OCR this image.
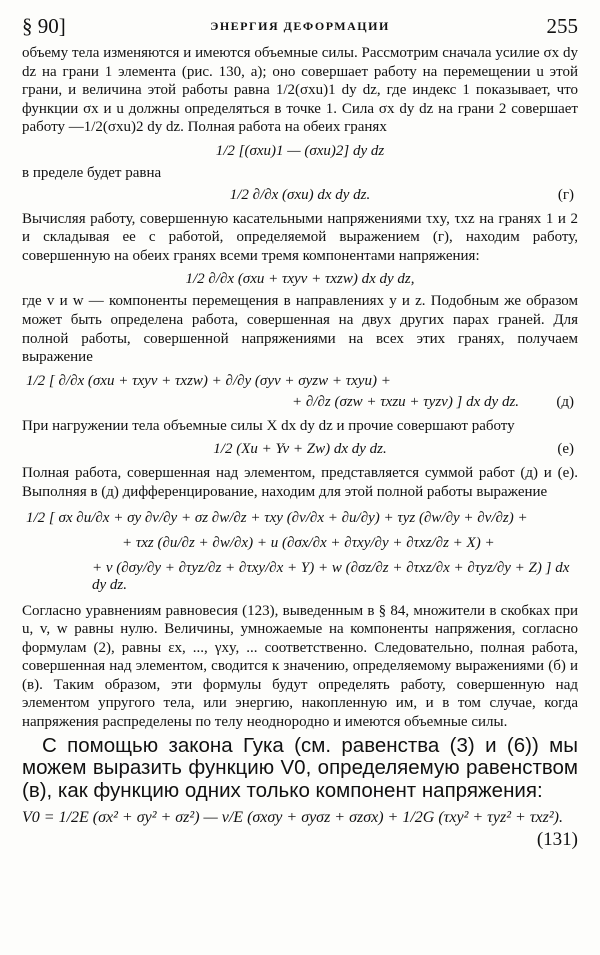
§ 90]	ЭНЕРГИЯ ДЕФОРМАЦИИ	255

объему тела изменяются и имеются объемные силы. Рассмотрим сначала усилие σx dy dz на грани 1 элемента (рис. 130, a); оно совершает работу на перемещении u этой грани, и величина этой работы равна 1/2(σxu)1 dy dz, где индекс 1 показывает, что функции σx и u должны определяться в точке 1. Сила σx dy dz на грани 2 совершает работу —1/2(σxu)2 dy dz. Полная работа на обеих гранях

1/2 [(σxu)1 — (σxu)2] dy dz

в пределе будет равна

1/2 ∂/∂x (σxu) dx dy dz.	(г)

Вычисляя работу, совершенную касательными напряжениями τxy, τxz на гранях 1 и 2 и складывая ее с работой, определяемой выражением (г), находим работу, совершенную на обеих гранях всеми тремя компонентами напряжения:

1/2 ∂/∂x (σxu + τxyv + τxzw) dx dy dz,

где v и w — компоненты перемещения в направлениях y и z. Подобным же образом может быть определена работа, совершенная на двух других парах граней. Для полной работы, совершенной напряжениями на всех этих гранях, получаем выражение

1/2 [ ∂/∂x (σxu + τxyv + τxzw) + ∂/∂y (σyv + σyzw + τxyu) +
+ ∂/∂z (σzw + τxzu + τyzv) ] dx dy dz. (д)

При нагружении тела объемные силы X dx dy dz и прочие совершают работу

1/2 (Xu + Yv + Zw) dx dy dz.	(е)

Полная работа, совершенная над элементом, представляется суммой работ (д) и (е). Выполняя в (д) дифференцирование, находим для этой полной работы выражение

1/2 [ σx ∂u/∂x + σy ∂v/∂y + σz ∂w/∂z + τxy (∂v/∂x + ∂u/∂y) + τyz (∂w/∂y + ∂v/∂z) +
+ τxz (∂u/∂z + ∂w/∂x) + u (∂σx/∂x + ∂τxy/∂y + ∂τxz/∂z + X) +
+ v (∂σy/∂y + ∂τyz/∂z + ∂τxy/∂x + Y) + w (∂σz/∂z + ∂τxz/∂x + ∂τyz/∂y + Z) ] dx dy dz.

Согласно уравнениям равновесия (123), выведенным в § 84, множители в скобках при u, v, w равны нулю. Величины, умножаемые на компоненты напряжения, согласно формулам (2), равны εx, ..., γxy, ... соответственно. Следовательно, полная работа, совершенная над элементом, сводится к значению, определяемому выражениями (б) и (в). Таким образом, эти формулы будут определять работу, совершенную над элементом упругого тела, или энергию, накопленную им, и в том случае, когда напряжения распределены по телу неоднородно и имеются объемные силы.

С помощью закона Гука (см. равенства (3) и (6)) мы можем выразить функцию V0, определяемую равенством (в), как функцию одних только компонент напряжения:

V0 = 1/2E (σx² + σy² + σz²) — ν/E (σxσy + σyσz + σzσx) + 1/2G (τxy² + τyz² + τxz²).
(131)
